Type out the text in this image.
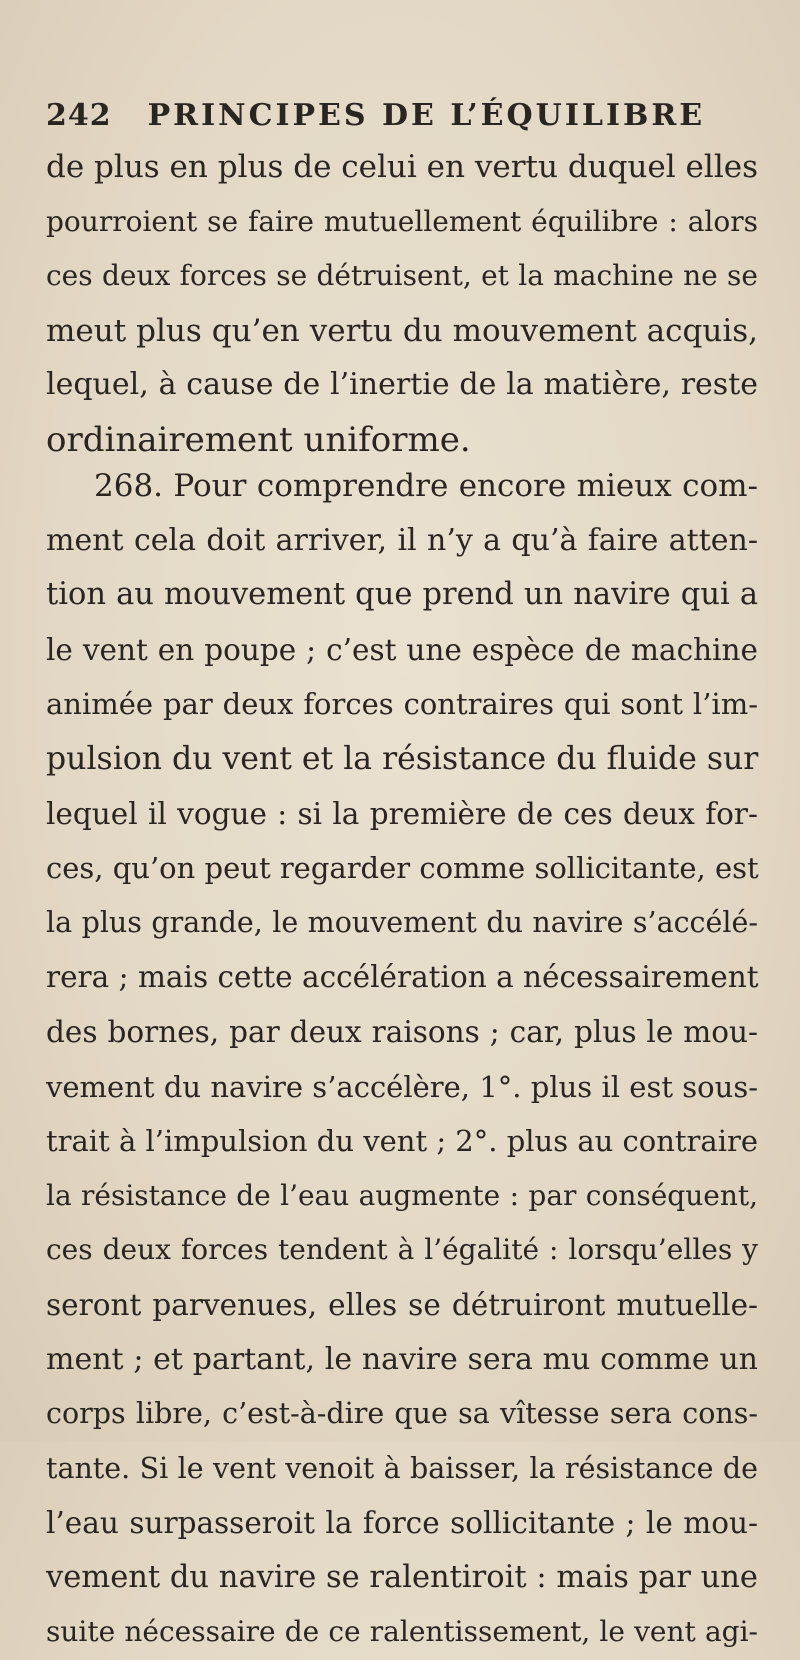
242 PRINCIPES DE L’ÉQUILIBRE
de plus en plus de celui en vertu duquel elles
pourroient se faire mutuellement équilibre : alors
ces deux forces se détruisent, et la machine ne se
meut plus qu’en vertu du mouvement acquis,
lequel, à cause de l’inertie de la matière, reste
ordinairement uniforme.
268. Pour comprendre encore mieux com-
ment cela doit arriver, il n’y a qu’à faire atten-
tion au mouvement que prend un navire qui a
le vent en poupe ; c’est une espèce de machine
animée par deux forces contraires qui sont l’im-
pulsion du vent et la résistance du fluide sur
lequel il vogue : si la première de ces deux for-
ces, qu’on peut regarder comme sollicitante, est
la plus grande, le mouvement du navire s’accélé-
rera ; mais cette accélération a nécessairement
des bornes, par deux raisons ; car, plus le mou-
vement du navire s’accélère, 1°. plus il est sous-
trait à l’impulsion du vent ; 2°. plus au contraire
la résistance de l’eau augmente : par conséquent,
ces deux forces tendent à l’égalité : lorsqu’elles y
seront parvenues, elles se détruiront mutuelle-
ment ; et partant, le navire sera mu comme un
corps libre, c’est-à-dire que sa vîtesse sera cons-
tante. Si le vent venoit à baisser, la résistance de
l’eau surpasseroit la force sollicitante ; le mou-
vement du navire se ralentiroit : mais par une
suite nécessaire de ce ralentissement, le vent agi-
